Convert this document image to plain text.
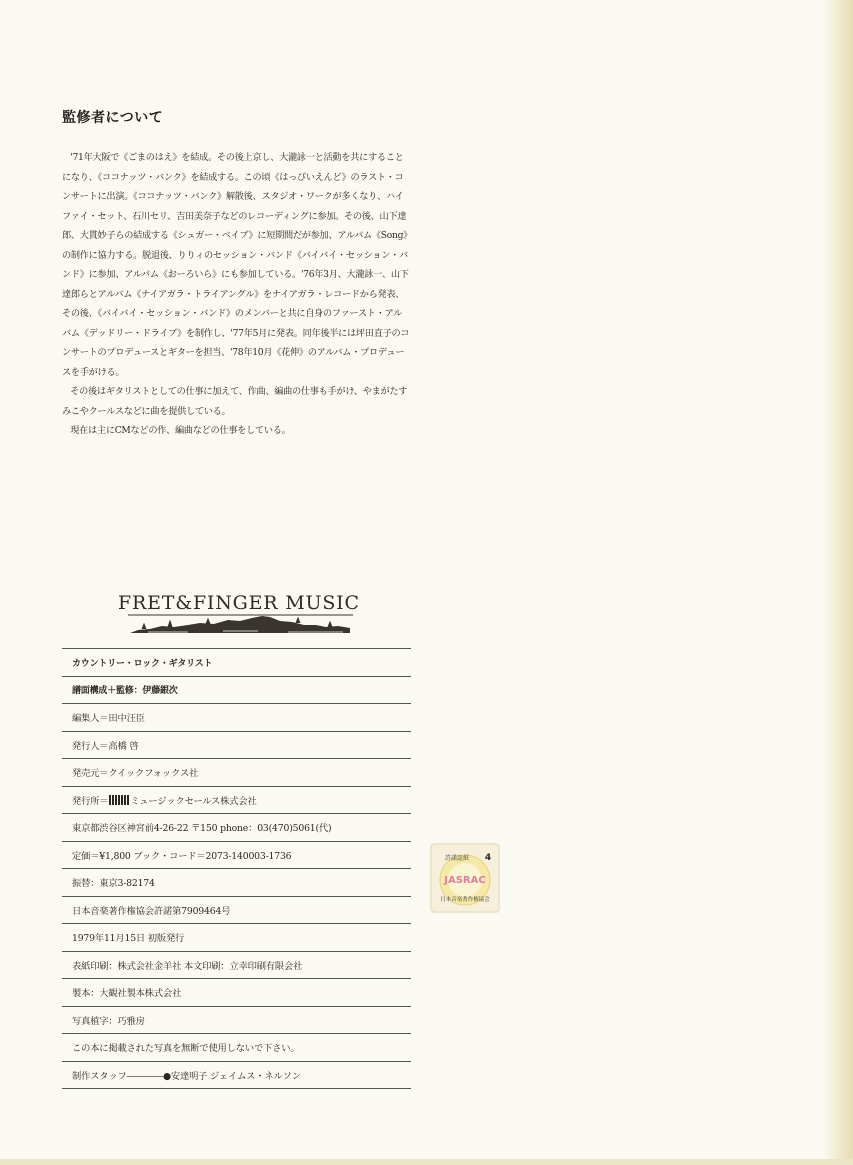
監修者について

'71年大阪で《ごまのはえ》を結成。その後上京し、大瀧詠一と活動を共にすることになり、《ココナッツ・バンク》を結成する。この頃《はっぴいえんど》のラスト・コンサートに出演。《ココナッツ・バンク》解散後、スタジオ・ワークが多くなり、ハイファイ・セット、石川セリ、吉田美奈子などのレコーディングに参加。その後、山下達郎、大貫妙子らの結成する《シュガー・ベイブ》に短期間だが参加、アルバム《Song》の制作に協力する。脱退後、りりィのセッション・バンド《バイバイ・セッション・バンド》に参加、アルバム《おーろいら》にも参加している。'76年3月、大瀧詠一、山下達郎らとアルバム《ナイアガラ・トライアングル》をナイアガラ・レコードから発表、その後、《バイバイ・セッション・バンド》のメンバーと共に自身のファースト・アルバム《デッドリー・ドライブ》を制作し、'77年5月に発表。同年後半には坪田直子のコンサートのプロデュースとギターを担当、'78年10月《花伸》のアルバム・プロデュースを手がける。

その後はギタリストとしての仕事に加えて、作曲、編曲の仕事も手がけ、やまがたすみこやクールスなどに曲を提供している。

現在は主にCMなどの作、編曲などの仕事をしている。

FRET&FINGER MUSIC
カウントリー・ロック・ギタリスト
譜面構成＋監修：伊藤銀次
編集人＝田中汪臣
発行人＝高橋 啓
発売元＝クイックフォックス社
発行所＝ ミュージックセールス株式会社
東京都渋谷区神宮前4-26-22 〒150 phone：03(470)5061(代)
定価＝¥1,800 ブック・コード＝2073-140003-1736
振替：東京3-82174
日本音楽著作権協会許諾第7909464号
1979年11月15日 初版発行
表紙印刷：株式会社金羊社 本文印刷：立幸印刷有限会社
製本：大観社製本株式会社
写真植字：巧雅房
この本に掲載された写真を無断で使用しないで下さい。
制作スタッフ――――●安達明子 ジェイムス・ネルソン
許諾証紙 4
JASRAC
日本音楽著作権協会
